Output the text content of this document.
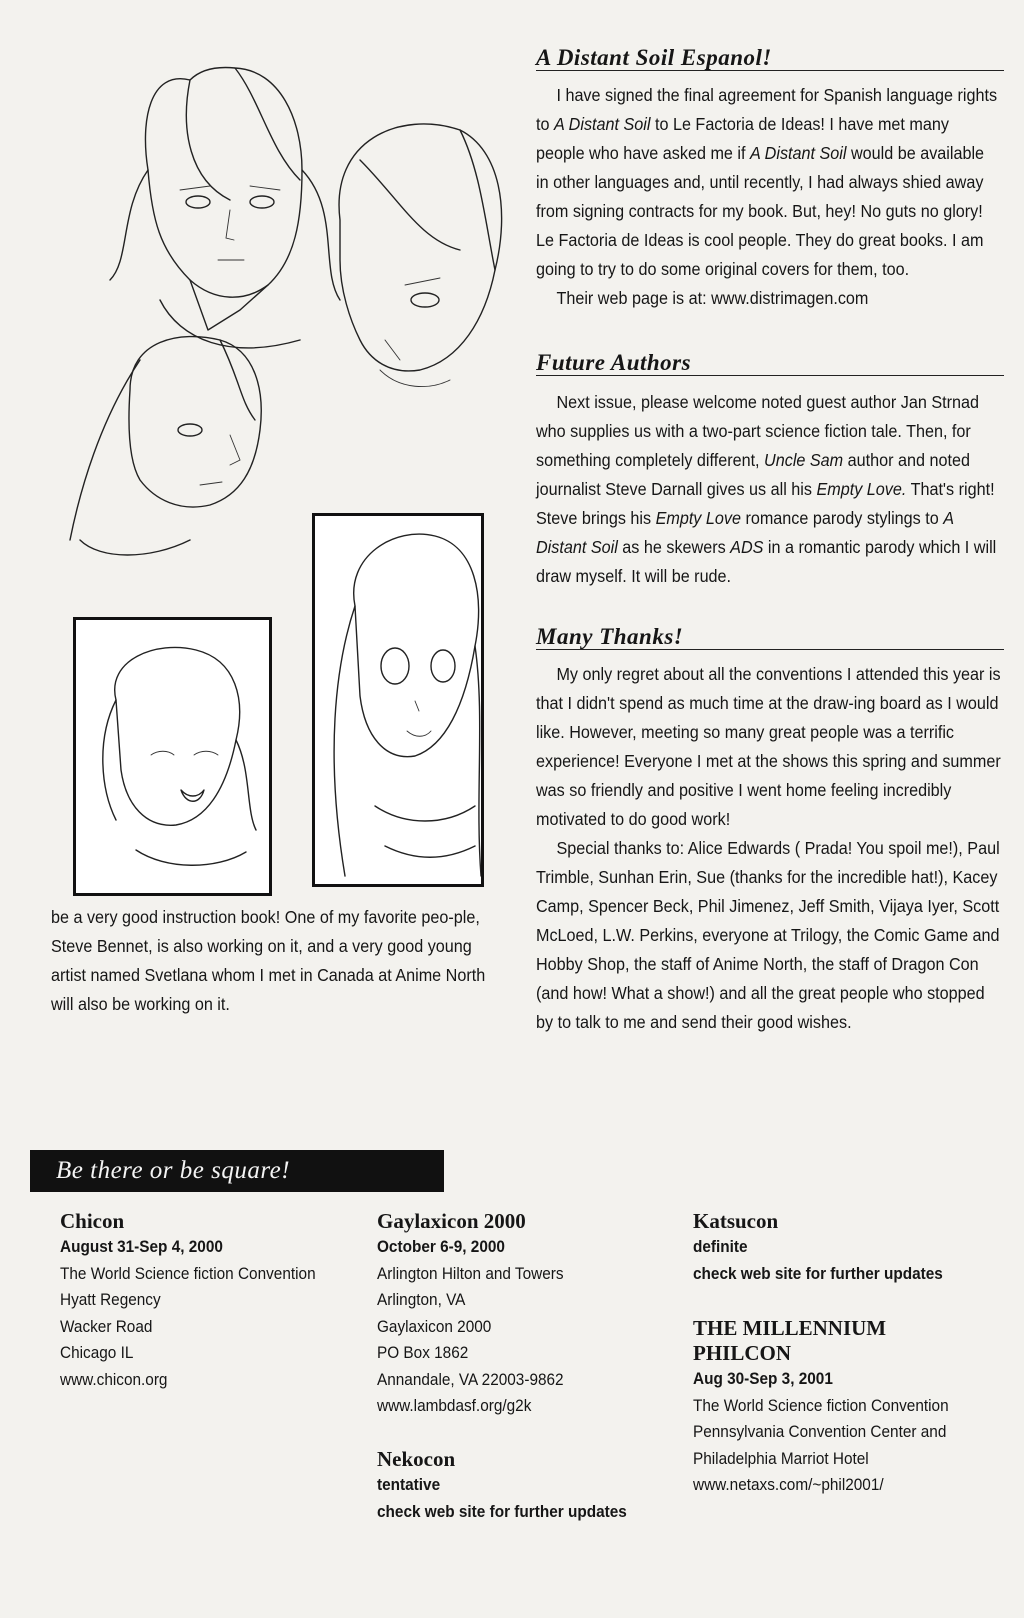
be a very good instruction book! One of my favorite peo-ple, Steve Bennet, is also working on it, and a very good young artist named Svetlana whom I met in Canada at Anime North will also be working on it.

A Distant Soil Espanol!

I have signed the final agreement for Spanish language rights to A Distant Soil to Le Factoria de Ideas! I have met many people who have asked me if A Distant Soil would be available in other languages and, until recently, I had always shied away from signing contracts for my book. But, hey! No guts no glory! Le Factoria de Ideas is cool people. They do great books. I am going to try to do some original covers for them, too.

Their web page is at: www.distrimagen.com

Future Authors

Next issue, please welcome noted guest author Jan Strnad who supplies us with a two-part science fiction tale. Then, for something completely different, Uncle Sam author and noted journalist Steve Darnall gives us all his Empty Love. That's right! Steve brings his Empty Love romance parody stylings to A Distant Soil as he skewers ADS in a romantic parody which I will draw myself. It will be rude.

Many Thanks!

My only regret about all the conventions I attended this year is that I didn't spend as much time at the draw-ing board as I would like. However, meeting so many great people was a terrific experience! Everyone I met at the shows this spring and summer was so friendly and positive I went home feeling incredibly motivated to do good work!

Special thanks to: Alice Edwards ( Prada! You spoil me!), Paul Trimble, Sunhan Erin, Sue (thanks for the incredible hat!), Kacey Camp, Spencer Beck, Phil Jimenez, Jeff Smith, Vijaya Iyer, Scott McLoed, L.W. Perkins, everyone at Trilogy, the Comic Game and Hobby Shop, the staff of Anime North, the staff of Dragon Con (and how! What a show!) and all the great people who stopped by to talk to me and send their good wishes.

Be there or be square!

Chicon

August 31-Sep 4, 2000

The World Science fiction Convention

Hyatt Regency

Wacker Road

Chicago IL

www.chicon.org

Gaylaxicon 2000

October 6-9, 2000

Arlington Hilton and Towers

Arlington, VA

Gaylaxicon 2000

PO Box 1862

Annandale, VA 22003-9862

www.lambdasf.org/g2k

Nekocon

tentative

check web site for further updates

Katsucon

definite

check web site for further updates

THE MILLENNIUM

PHILCON

Aug 30-Sep 3, 2001

The World Science fiction Convention

Pennsylvania Convention Center and

Philadelphia Marriot Hotel

www.netaxs.com/~phil2001/
